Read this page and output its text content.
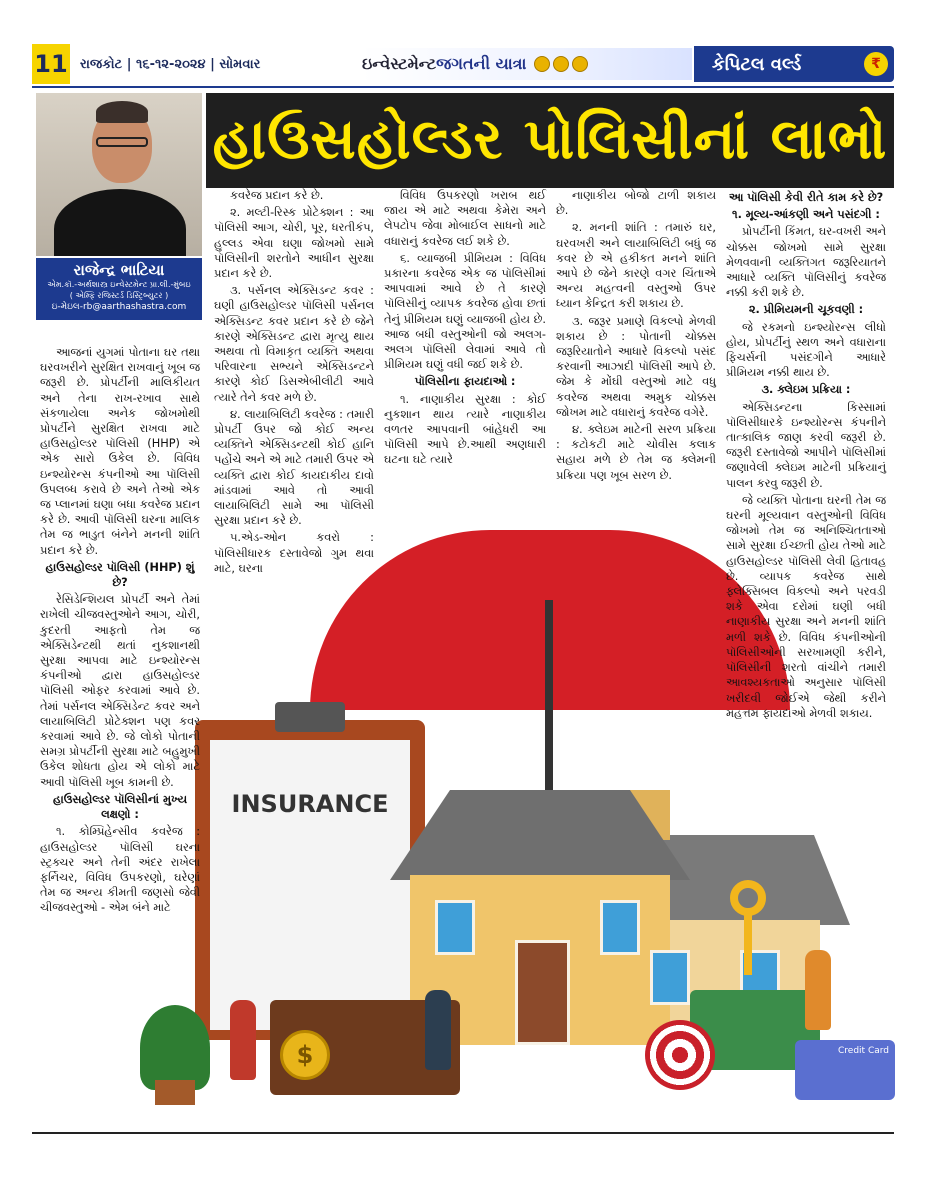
11 રાજકોટ | ૧૬-૧૨-૨૦૨૪ | સોમવાર	ઇન્વેસ્ટમેન્ટ જગતની યાત્રા	કેપિટલ વર્લ્ડ	₹
હાઉસહોલ્ડર પોલિસીનાં લાભો
રાજેન્દ્ર ભાટિયા
એમ.કૉ.-અર્થશાસ્ત્ર ઇન્વેસ્ટમેન્ટ પ્રા.લી.-મુંબઇ
( એમ્ફિ રજિસ્ટર્ડ ડિસ્ટ્રિબ્યુટર )
ઇ-મેઇલ-rb@aarthashastra.com
INSURANCE
$	Credit Card

આજનાં યુગમાં પોતાના ઘર તથા ઘરવખરીને સુરક્ષિત રાખવાનું ખૂબ જ જરૂરી છે. પ્રોપર્ટીની માલિકીયત અને તેના રાખ-રખાવ સાથે સંકળાયેલા અનેક જોખમોથી પ્રોપર્ટીને સુરક્ષિત રાખવા માટે હાઉસહોલ્ડર પૉલિસી (HHP) એ એક સારો ઉકેલ છે. વિવિધ ઇન્શ્યોરન્સ કંપનીઓ આ પૉલિસી ઉપલબ્ધ કરાવે છે અને તેઓ એક જ પ્લાનમાં ઘણા બધા કવરેજ પ્રદાન કરે છે. આવી પૉલિસી ઘરના માલિક તેમ જ ભાડુત બંનેને મનની શાંતિ પ્રદાન કરે છે.

હાઉસહોલ્ડર પૉલિસી (HHP) શું છે?

રેસિડેન્શિયલ પ્રોપર્ટી અને તેમાં રાખેલી ચીજવસ્તુઓને આગ, ચોરી, કુદરતી આફતો તેમ જ એક્સિડેન્ટથી થતાં નુકશાનથી સુરક્ષા આપવા માટે ઇન્શ્યોરન્સ કંપનીઓ દ્વારા હાઉસહોલ્ડર પૉલિસી ઓફર કરવામાં આવે છે. તેમાં પર્સનલ એક્સિડેન્ટ કવર અને લાયાબિલિટી પ્રોટેક્શન પણ કવર કરવામાં આવે છે. જે લોકો પોતાની સમગ્ર પ્રોપર્ટીની સુરક્ષા માટે બહુમુખી ઉકેલ શોધતા હોય એ લોકો માટે આવી પૉલિસી ખૂબ કામની છે.

હાઉસહોલ્ડર પૉલિસીનાં મુખ્ય લક્ષણો :

૧. કોમ્પ્રિહેન્સીવ કવરેજ : હાઉસહોલ્ડર પૉલિસી ઘરના સ્ટ્રક્ચર અને તેની અંદર રાખેલા ફર્નિચર, વિવિધ ઉપકરણો, ઘરેણાં તેમ જ અન્ય કીમતી જણસો જેવી ચીજવસ્તુઓ - એમ બંને માટે

કવરેજ પ્રદાન કરે છે.

૨. મલ્ટી-રિસ્ક પ્રોટેક્શન : આ પૉલિસી આગ, ચોરી, પૂર, ધરતીકંપ, હુલ્લડ એવા ઘણા જોખમો સામે પૉલિસીની શરતોને આધીન સુરક્ષા પ્રદાન કરે છે.

૩. પર્સનલ એક્સિડન્ટ કવર : ઘણી હાઉસહોલ્ડર પૉલિસી પર્સનલ એક્સિડન્ટ કવર પ્રદાન કરે છે જેને કારણે એક્સિડન્ટ દ્વારા મૃત્યુ થાય અથવા તો વિમાકૃત વ્યક્તિ અથવા પરિવારના સભ્યને એક્સિડન્ટને કારણે કોઈ ડિસએબીલીટી આવે ત્યારે તેને કવર મળે છે.

૪. લાયાબિલિટી કવરેજ : તમારી પ્રોપર્ટી ઉપર જો કોઈ અન્ય વ્યક્તિને એક્સિડન્ટથી કોઈ હાનિ પહોંચે અને એ માટે તમારી ઉપર એ વ્યક્તિ દ્વારા કોઈ કાયદાકીય દાવો માંડવામાં આવે તો આવી લાયાબિલિટી સામે આ પૉલિસી સુરક્ષા પ્રદાન કરે છે.

૫.એડ-ઓન કવરો : પૉલિસીધારક દસ્તાવેજો ગુમ થવા માટે, ઘરના

વિવિધ ઉપકરણો ખરાબ થઈ જાય એ માટે અથવા કેમેરા અને લેપટોપ જેવા મોબાઈલ સાધનો માટે વધારાનું કવરેજ લઈ શકે છે.

૬. વ્યાજબી પ્રીમિયમ : વિવિધ પ્રકારના કવરેજ એક જ પૉલિસીમાં આપવામાં આવે છે તે કારણે પૉલિસીનું વ્યાપક કવરેજ હોવા છતાં તેનું પ્રીમિયમ ઘણું વ્યાજબી હોય છે. આજ બધી વસ્તુઓની જો અલગ-અલગ પૉલિસી લેવામાં આવે તો પ્રીમિયમ ઘણું વધી જઈ શકે છે.

પૉલિસીના ફાયદાઓ :

૧. નાણાકીય સુરક્ષા : કોઈ નુકશાન થાય ત્યારે નાણાકીય વળતર આપવાની બાંહેધરી આ પૉલિસી આપે છે.આથી અણધારી ઘટના ઘટે ત્યારે

નાણાકીય બોજો ટાળી શકાય છે.

૨. મનની શાંતિ : તમારું ઘર, ઘરવખરી અને લાયાબિલિટી બધું જ કવર છે એ હકીકત મનને શાંતિ આપે છે જેને કારણે વગર ચિંતાએ અન્ય મહત્વની વસ્તુઓ ઉપર ધ્યાન કેન્દ્રિત કરી શકાય છે.

૩. જરૂર પ્રમાણે વિકલ્પો મેળવી શકાય છે : પોતાની ચોક્કસ જરૂરિયાતોને આધારે વિકલ્પો પસંદ કરવાની આઝાદી પૉલિસી આપે છે. જેમ કે મોંઘી વસ્તુઓ માટે વધુ કવરેજ અથવા અમુક ચોક્કસ જોખમ માટે વધારાનું કવરેજ વગેરે.

૪. ક્લેઇમ માટેની સરળ પ્રક્રિયા : કટોકટી માટે ચોવીસ કલાક સહાય મળે છે તેમ જ ક્લેમની પ્રક્રિયા પણ ખૂબ સરળ છે.

આ પૉલિસી કેવી રીતે કામ કરે છે?

૧. મૂલ્ય-આંકણી અને પસંદગી :

પ્રોપર્ટીની કિંમત, ઘર-વખરી અને ચોક્કસ જોખમો સામે સુરક્ષા મેળવવાની વ્યક્તિગત જરૂરિયાતને આધારે વ્યક્તિ પૉલિસીનું કવરેજ નક્કી કરી શકે છે.

૨. પ્રીમિયમની ચૂકવણી :

જે રકમનો ઇન્શ્યોરન્સ લીધો હોય, પ્રોપર્ટીનું સ્થળ અને વધારાના ફિચર્સની પસંદગીને આધારે પ્રીમિયમ નક્કી થાય છે.

૩. ક્લેઇમ પ્રક્રિયા :

એક્સિડન્ટના કિસ્સામાં પૉલિસીધારકે ઇન્શ્યોરન્સ કંપનીને તાત્કાલિક જાણ કરવી જરૂરી છે. જરૂરી દસ્તાવેજો આપીને પૉલિસીમાં જણાવેલી ક્લેઇમ માટેની પ્રક્રિયાનું પાલન કરવુ જરૂરી છે.

જે વ્યક્તિ પોતાના ઘરની તેમ જ ઘરની મૂલ્યવાન વસ્તુઓની વિવિધ જોખમો તેમ જ અનિશ્ચિતતાઓ સામે સુરક્ષા ઈચ્છતી હોય તેઓ માટે હાઉસહોલ્ડર પૉલિસી લેવી હિતાવહ છે. વ્યાપક કવરેજ સાથે ફ્લેક્સિબલ વિકલ્પો અને પરવડી શકે એવા દરોમાં ઘણી બધી નાણાકીય સુરક્ષા અને મનની શાંતિ મળી શકે છે. વિવિધ કંપનીઓની પૉલિસીઓની સરખામણી કરીને, પૉલિસીની શરતો વાંચીને તમારી આવશ્યકતાઓ અનુસાર પૉલિસી ખરીદવી જોઈએ જેથી કરીને મહત્તમ ફાયદાઓ મેળવી શકાય.
